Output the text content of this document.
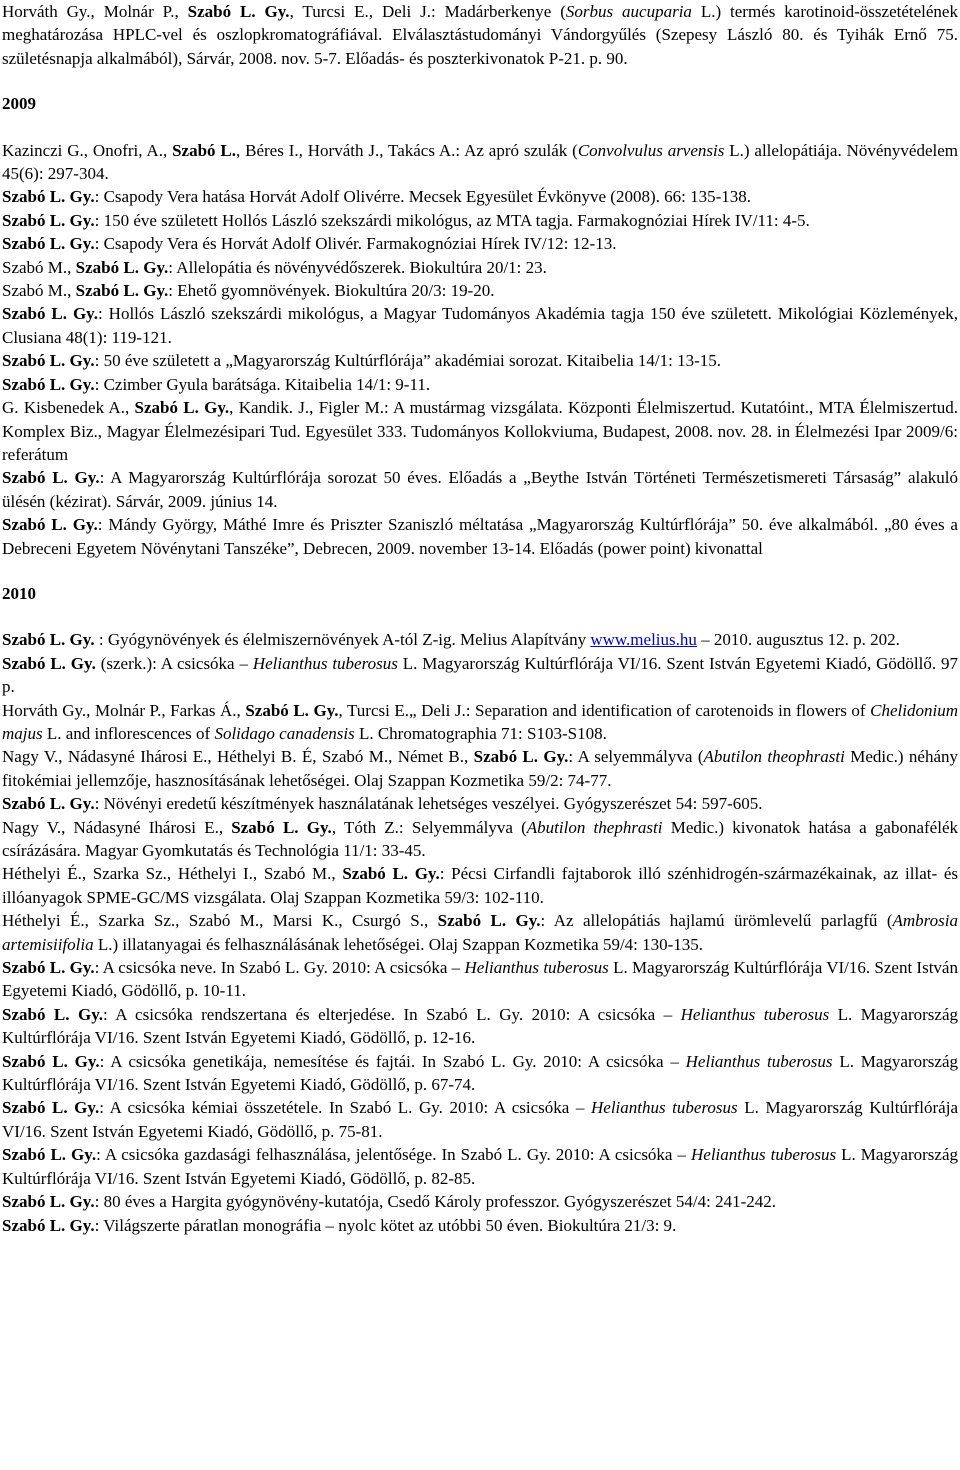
Horváth Gy., Molnár P., Szabó L. Gy., Turcsi E., Deli J.: Madárberkenye (Sorbus aucuparia L.) termés karotinoid-összetételének meghatározása HPLC-vel és oszlopkromatográfiával. Elválasztástudományi Vándorgyűlés (Szepesy László 80. és Tyihák Ernő 75. születésnapja alkalmából), Sárvár, 2008. nov. 5-7. Előadás- és poszterkivonatok P-21. p. 90.

2009

Kazinczi G., Onofri, A., Szabó L., Béres I., Horváth J., Takács A.: Az apró szulák (Convolvulus arvensis L.) allelopátiája. Növényvédelem 45(6): 297-304.

Szabó L. Gy.: Csapody Vera hatása Horvát Adolf Olivérre. Mecsek Egyesület Évkönyve (2008). 66: 135-138.

Szabó L. Gy.: 150 éve született Hollós László szekszárdi mikológus, az MTA tagja. Farmakognóziai Hírek IV/11: 4-5.

Szabó L. Gy.: Csapody Vera és Horvát Adolf Olivér. Farmakognóziai Hírek IV/12: 12-13.

Szabó M., Szabó L. Gy.: Allelopátia és növényvédőszerek. Biokultúra 20/1: 23.

Szabó M., Szabó L. Gy.: Ehető gyomnövények. Biokultúra 20/3: 19-20.

Szabó L. Gy.: Hollós László szekszárdi mikológus, a Magyar Tudományos Akadémia tagja 150 éve született. Mikológiai Közlemények, Clusiana 48(1): 119-121.

Szabó L. Gy.: 50 éve született a „Magyarország Kultúrflórája” akadémiai sorozat. Kitaibelia 14/1: 13-15.

Szabó L. Gy.: Czimber Gyula barátsága. Kitaibelia 14/1: 9-11.

G. Kisbenedek A., Szabó L. Gy., Kandik. J., Figler M.: A mustármag vizsgálata. Központi Élelmiszertud. Kutatóint., MTA Élelmiszertud. Komplex Biz., Magyar Élelmezésipari Tud. Egyesület 333. Tudományos Kollokviuma, Budapest, 2008. nov. 28. in Élelmezési Ipar 2009/6: referátum

Szabó L. Gy.: A Magyarország Kultúrflórája sorozat 50 éves. Előadás a „Beythe István Történeti Természetismereti Társaság” alakuló ülésén (kézirat). Sárvár, 2009. június 14.

Szabó L. Gy.: Mándy György, Máthé Imre és Priszter Szaniszló méltatása „Magyarország Kultúrflórája” 50. éve alkalmából. „80 éves a Debreceni Egyetem Növénytani Tanszéke”, Debrecen, 2009. november 13-14. Előadás (power point) kivonattal

2010

Szabó L. Gy. : Gyógynövények és élelmiszernövények A-tól Z-ig. Melius Alapítvány www.melius.hu – 2010. augusztus 12. p. 202.

Szabó L. Gy. (szerk.): A csicsóka – Helianthus tuberosus L. Magyarország Kultúrflórája VI/16. Szent István Egyetemi Kiadó, Gödöllő. 97 p.

Horváth Gy., Molnár P., Farkas Á., Szabó L. Gy., Turcsi E.„ Deli J.: Separation and identification of carotenoids in flowers of Chelidonium majus L. and inflorescences of Solidago canadensis L. Chromatographia 71: S103-S108.

Nagy V., Nádasyné Ihárosi E., Héthelyi B. É, Szabó M., Német B., Szabó L. Gy.: A selyemmályva (Abutilon theophrasti Medic.) néhány fitokémiai jellemzője, hasznosításának lehetőségei. Olaj Szappan Kozmetika 59/2: 74-77.

Szabó L. Gy.: Növényi eredetű készítmények használatának lehetséges veszélyei. Gyógyszerészet 54: 597-605.

Nagy V., Nádasyné Ihárosi E., Szabó L. Gy., Tóth Z.: Selyemmályva (Abutilon thephrasti Medic.) kivonatok hatása a gabonafélék csírázására. Magyar Gyomkutatás és Technológia 11/1: 33-45.

Héthelyi É., Szarka Sz., Héthelyi I., Szabó M., Szabó L. Gy.: Pécsi Cirfandli fajtaborok illó szénhidrogén-származékainak, az illat- és illóanyagok SPME-GC/MS vizsgálata. Olaj Szappan Kozmetika 59/3: 102-110.

Héthelyi É., Szarka Sz., Szabó M., Marsi K., Csurgó S., Szabó L. Gy.: Az allelopátiás hajlamú ürömlevelű parlagfű (Ambrosia artemisiifolia L.) illatanyagai és felhasználásának lehetőségei. Olaj Szappan Kozmetika 59/4: 130-135.

Szabó L. Gy.: A csicsóka neve. In Szabó L. Gy. 2010: A csicsóka – Helianthus tuberosus L. Magyarország Kultúrflórája VI/16. Szent István Egyetemi Kiadó, Gödöllő, p. 10-11.

Szabó L. Gy.: A csicsóka rendszertana és elterjedése. In Szabó L. Gy. 2010: A csicsóka – Helianthus tuberosus L. Magyarország Kultúrflórája VI/16. Szent István Egyetemi Kiadó, Gödöllő, p. 12-16.

Szabó L. Gy.: A csicsóka genetikája, nemesítése és fajtái. In Szabó L. Gy. 2010: A csicsóka – Helianthus tuberosus L. Magyarország Kultúrflórája VI/16. Szent István Egyetemi Kiadó, Gödöllő, p. 67-74.

Szabó L. Gy.: A csicsóka kémiai összetétele. In Szabó L. Gy. 2010: A csicsóka – Helianthus tuberosus L. Magyarország Kultúrflórája VI/16. Szent István Egyetemi Kiadó, Gödöllő, p. 75-81.

Szabó L. Gy.: A csicsóka gazdasági felhasználása, jelentősége. In Szabó L. Gy. 2010: A csicsóka – Helianthus tuberosus L. Magyarország Kultúrflórája VI/16. Szent István Egyetemi Kiadó, Gödöllő, p. 82-85.

Szabó L. Gy.: 80 éves a Hargita gyógynövény-kutatója, Csedő Károly professzor. Gyógyszerészet 54/4: 241-242.

Szabó L. Gy.: Világszerte páratlan monográfia – nyolc kötet az utóbbi 50 éven. Biokultúra 21/3: 9.
